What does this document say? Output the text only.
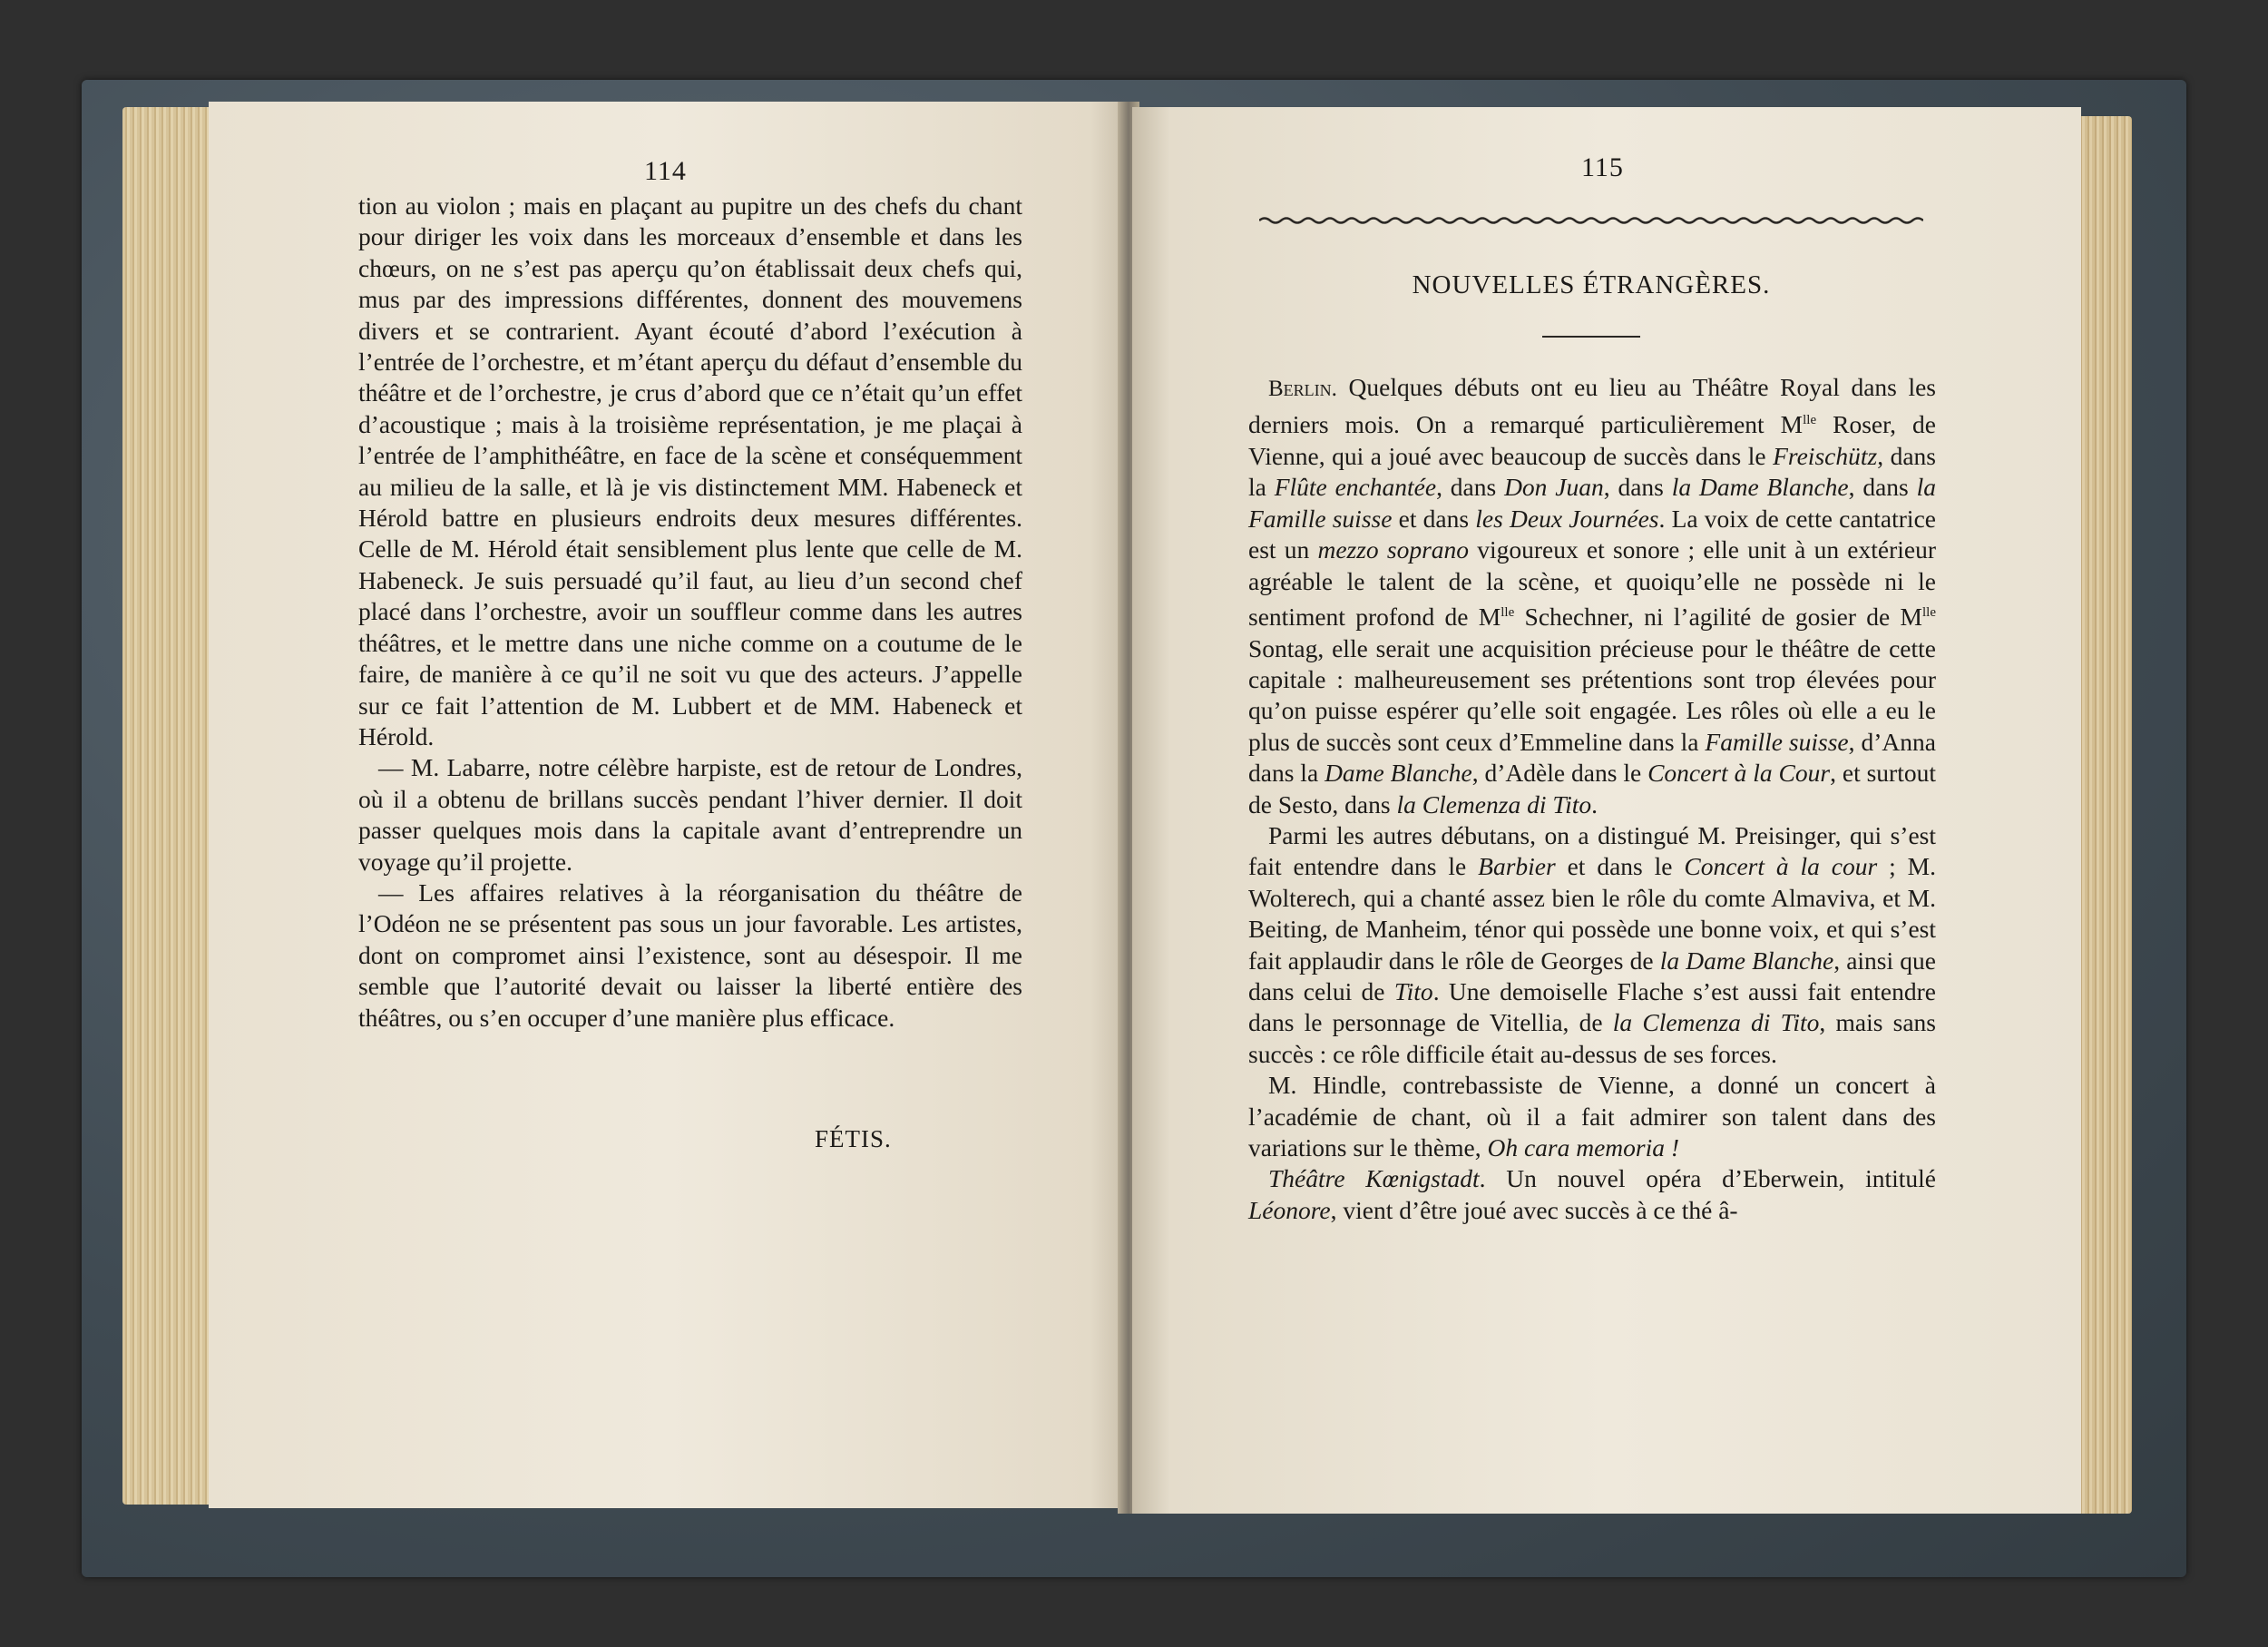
114

tion au violon ; mais en plaçant au pupitre un des chefs du chant pour diriger les voix dans les morceaux d’ensemble et dans les chœurs, on ne s’est pas aperçu qu’on établissait deux chefs qui, mus par des impressions différentes, donnent des mouvemens divers et se contrarient. Ayant écouté d’abord l’exécution à l’entrée de l’orchestre, et m’étant aperçu du défaut d’ensemble du théâtre et de l’orchestre, je crus d’abord que ce n’était qu’un effet d’acoustique ; mais à la troisième représentation, je me plaçai à l’entrée de l’amphithéâtre, en face de la scène et conséquemment au milieu de la salle, et là je vis distinctement MM. Habeneck et Hérold battre en plusieurs endroits deux mesures différentes. Celle de M. Hérold était sensiblement plus lente que celle de M. Habeneck. Je suis persuadé qu’il faut, au lieu d’un second chef placé dans l’orchestre, avoir un souffleur comme dans les autres théâtres, et le mettre dans une niche comme on a coutume de le faire, de manière à ce qu’il ne soit vu que des acteurs. J’appelle sur ce fait l’attention de M. Lubbert et de MM. Habeneck et Hérold.

— M. Labarre, notre célèbre harpiste, est de retour de Londres, où il a obtenu de brillans succès pendant l’hiver dernier. Il doit passer quelques mois dans la capitale avant d’entreprendre un voyage qu’il projette.

— Les affaires relatives à la réorganisation du théâtre de l’Odéon ne se présentent pas sous un jour favorable. Les artistes, dont on compromet ainsi l’existence, sont au désespoir. Il me semble que l’autorité devait ou laisser la liberté entière des théâtres, ou s’en occuper d’une manière plus efficace.

FÉTIS.
115
NOUVELLES ÉTRANGÈRES.

Berlin. Quelques débuts ont eu lieu au Théâtre Royal dans les derniers mois. On a remarqué particulièrement $M^{lle}$ Roser, de Vienne, qui a joué avec beaucoup de succès dans le Freischütz, dans la Flûte enchantée, dans Don Juan, dans la Dame Blanche, dans la Famille suisse et dans les Deux Journées. La voix de cette cantatrice est un mezzo soprano vigoureux et sonore ; elle unit à un extérieur agréable le talent de la scène, et quoiqu’elle ne possède ni le sentiment profond de $M^{lle}$ Schechner, ni l’agilité de gosier de $M^{lle}$ Sontag, elle serait une acquisition précieuse pour le théâtre de cette capitale : malheureusement ses prétentions sont trop élevées pour qu’on puisse espérer qu’elle soit engagée. Les rôles où elle a eu le plus de succès sont ceux d’Emmeline dans la Famille suisse, d’Anna dans la Dame Blanche, d’Adèle dans le Concert à la Cour, et surtout de Sesto, dans la Clemenza di Tito.

Parmi les autres débutans, on a distingué M. Preisinger, qui s’est fait entendre dans le Barbier et dans le Concert à la cour ; M. Wolterech, qui a chanté assez bien le rôle du comte Almaviva, et M. Beiting, de Manheim, ténor qui possède une bonne voix, et qui s’est fait applaudir dans le rôle de Georges de la Dame Blanche, ainsi que dans celui de Tito. Une demoiselle Flache s’est aussi fait entendre dans le personnage de Vitellia, de la Clemenza di Tito, mais sans succès : ce rôle difficile était au-dessus de ses forces.

M. Hindle, contrebassiste de Vienne, a donné un concert à l’académie de chant, où il a fait admirer son talent dans des variations sur le thème, Oh cara memoria !

Théâtre Kœnigstadt. Un nouvel opéra d’Eberwein, intitulé Léonore, vient d’être joué avec succès à ce thé â-
